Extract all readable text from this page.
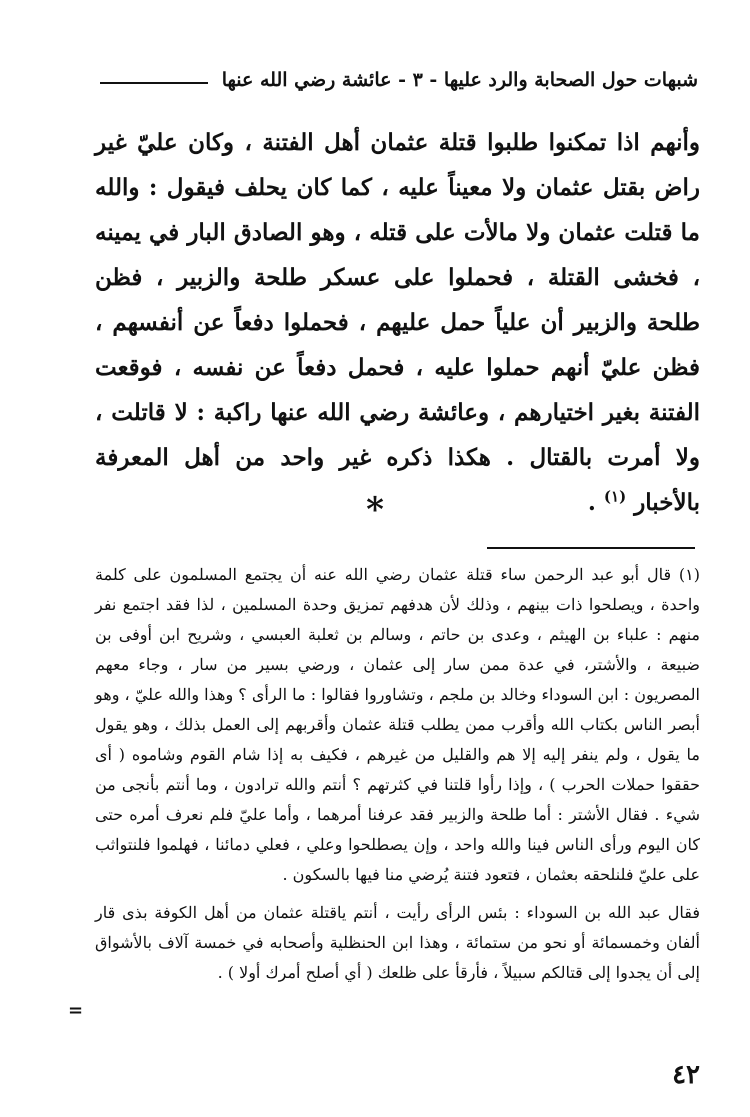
شبهات حول الصحابة والرد عليها - ٣ - عائشة رضي الله عنها

وأنهم اذا تمكنوا طلبوا قتلة عثمان أهل الفتنة ، وكان عليّ غير راض بقتل عثمان ولا معيناً عليه ، كما كان يحلف فيقول : والله ما قتلت عثمان ولا مالأت على قتله ، وهو الصادق البار في يمينه ، فخشى القتلة ، فحملوا على عسكر طلحة والزبير ، فظن طلحة والزبير أن علياً حمل عليهم ، فحملوا دفعاً عن أنفسهم ، فظن عليّ أنهم حملوا عليه ، فحمل دفعاً عن نفسه ، فوقعت الفتنة بغير اختيارهم ، وعائشة رضي الله عنها راكبة : لا قاتلت ، ولا أمرت بالقتال . هكذا ذكره غير واحد من أهل المعرفة بالأخبار $^{(١)}$ .

*

(١) قال أبو عبد الرحمن ساء قتلة عثمان رضي الله عنه أن يجتمع المسلمون على كلمة واحدة ، ويصلحوا ذات بينهم ، وذلك لأن هدفهم تمزيق وحدة المسلمين ، لذا فقد اجتمع نفر منهم : علباء بن الهيثم ، وعدى بن حاتم ، وسالم بن ثعلبة العبسي ، وشريح ابن أوفى بن ضبيعة ، والأشتر، في عدة ممن سار إلى عثمان ، ورضي بسير من سار ، وجاء معهم المصريون : ابن السوداء وخالد بن ملجم ، وتشاوروا فقالوا : ما الرأى ؟ وهذا والله عليّ ، وهو أبصر الناس بكتاب الله وأقرب ممن يطلب قتلة عثمان وأقربهم إلى العمل بذلك ، وهو يقول ما يقول ، ولم ينفر إليه إلا هم والقليل من غيرهم ، فكيف به إذا شام القوم وشاموه ( أى حققوا حملات الحرب ) ، وإذا رأوا قلتنا في كثرتهم ؟ أنتم والله ترادون ، وما أنتم بأنجى من شيء . فقال الأشتر : أما طلحة والزبير فقد عرفنا أمرهما ، وأما عليّ فلم نعرف أمره حتى كان اليوم ورأى الناس فينا والله واحد ، وإن يصطلحوا وعلي ، فعلي دمائنا ، فهلموا فلنتواثب على عليّ فلنلحقه بعثمان ، فتعود فتنة يُرضي منا فيها بالسكون .

فقال عبد الله بن السوداء : بئس الرأى رأيت ، أنتم ياقتلة عثمان من أهل الكوفة بذى قار ألفان وخمسمائة أو نحو من ستمائة ، وهذا ابن الحنظلية وأصحابه في خمسة آلاف بالأشواق إلى أن يجدوا إلى قتالكم سبيلاً ، فأرقأ على ظلعك ( أي أصلح أمرك أولا ) .

=
٤٢
